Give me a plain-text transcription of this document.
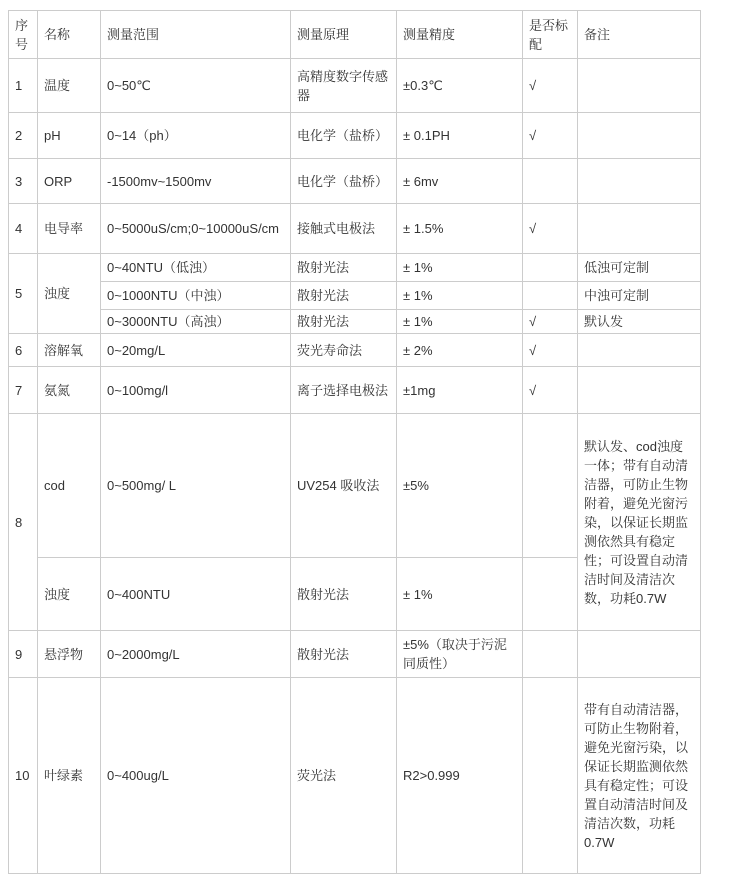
序号	名称	测量范围	测量原理	测量精度	是否标配	备注
1	温度	0~50℃	高精度数字传感器	±0.3℃	√	
2	pH	0~14（ph）	电化学（盐桥）	± 0.1PH	√	
3	ORP	-1500mv~1500mv	电化学（盐桥）	± 6mv		
4	电导率	0~5000uS/cm;0~10000uS/cm	接触式电极法	± 1.5%	√	
5	浊度	0~40NTU（低浊）	散射光法	± 1%		低浊可定制
		0~1000NTU（中浊）	散射光法	± 1%		中浊可定制
		0~3000NTU（高浊）	散射光法	± 1%	√	默认发
6	溶解氧	0~20mg/L	荧光寿命法	± 2%	√	
7	氨氮	0~100mg/l	离子选择电极法	±1mg	√	
8	cod	0~500mg/ L	UV254 吸收法	±5%		默认发、cod浊度一体；带有自动清洁器，可防止生物附着，避免光窗污染，以保证长期监测依然具有稳定性；可设置自动清洁时间及清洁次数，功耗0.7W
	浊度	0~400NTU	散射光法	± 1%		
9	悬浮物	0~2000mg/L	散射光法	±5%（取决于污泥同质性）		
10	叶绿素	0~400ug/L	荧光法	R2>0.999		带有自动清洁器，可防止生物附着，避免光窗污染，以保证长期监测依然具有稳定性；可设置自动清洁时间及清洁次数，功耗0.7W
